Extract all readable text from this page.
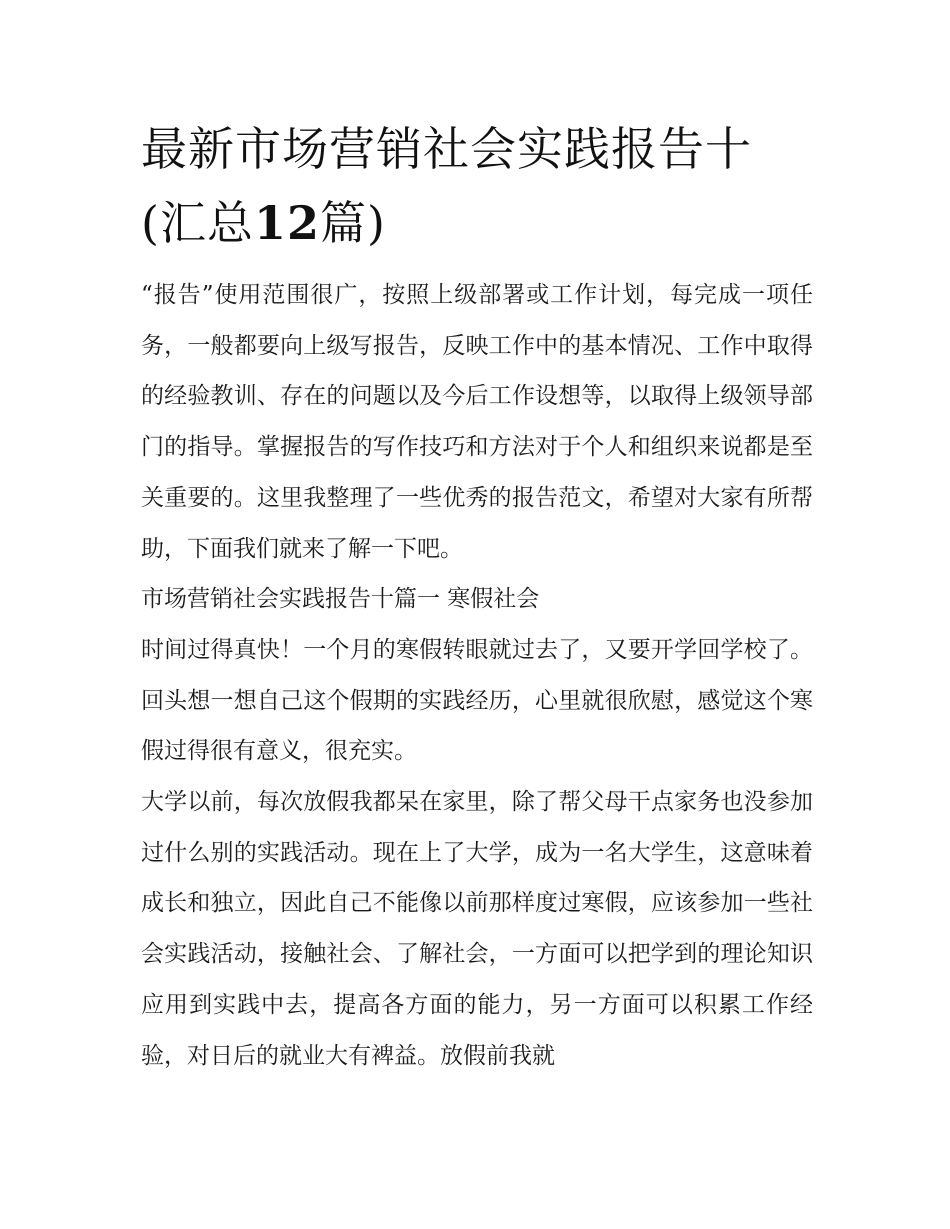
最新市场营销社会实践报告十
(汇总12篇)

“报告”使用范围很广，按照上级部署或工作计划，每完成一项任务，一般都要向上级写报告，反映工作中的基本情况、工作中取得的经验教训、存在的问题以及今后工作设想等，以取得上级领导部门的指导。掌握报告的写作技巧和方法对于个人和组织来说都是至关重要的。这里我整理了一些优秀的报告范文，希望对大家有所帮助，下面我们就来了解一下吧。

市场营销社会实践报告十篇一 寒假社会

时间过得真快！一个月的寒假转眼就过去了，又要开学回学校了。回头想一想自己这个假期的实践经历，心里就很欣慰，感觉这个寒假过得很有意义，很充实。

大学以前，每次放假我都呆在家里，除了帮父母干点家务也没参加过什么别的实践活动。现在上了大学，成为一名大学生，这意味着成长和独立，因此自己不能像以前那样度过寒假，应该参加一些社会实践活动，接触社会、了解社会，一方面可以把学到的理论知识应用到实践中去，提高各方面的能力，另一方面可以积累工作经验，对日后的就业大有裨益。放假前我就
